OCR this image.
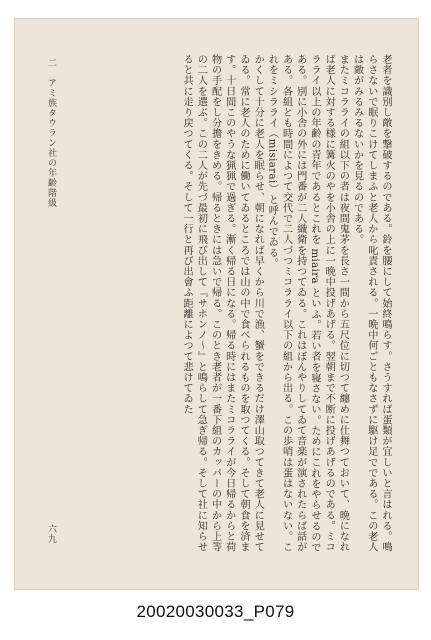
老者を識別し敵を撃破するのである。鈴を腰にして始終鳴らす。さうすれば蛋類が宜しいと言はれる。鳴らさないで眠りこけてしまふと老人から叱責される。一晩中何ごともなさずに駆け足でである。この老人は敵がみるみるないかを見るのである。

またミコラライの組以下の者は夜間鬼茅を長さ一間から五尺位に切つて纏めに仕舞つておいて、晩になれば老人に対する様に篝火のやを小舎の上に一晩中投げあげる。翌朝まで不断に投げあげるのである。ミコラライ以上の年齢の青年であるとこれを miaira といふ。若い者を寝さない。ためにこれをやらせるのである。別に小舎の外には門番が二人織衛を持つてゐる。これはぼんやりしてゐて音楽が演されたらば話がある。各組とも時間によつて交代で二人づつミコラライ以下の組から出る。この歩哨は蛋はないない。これをミシラライ（misiarai）と呼んでゐる。

かくして十分に老人を眠らせ、朝になれば早くから川で漁、蟹をできるだけ澤山取つてきて老人に見せてゐる。常に老人のために働いてゐるところでは山の中で食べられるものを取つてくる。そして朝食を済ます。十日間このやうな猟猟で過ぎる。漸く帰る日になる。帰る時にはまたミコラライが今日帰るからと荷物の手配をし分擔をきめる。帰るときには急いで帰る。このとき老者が一番下組のカッパーの中から上等の二人を選ぶ。この二人が先づ最初に飛び出して『サホンノ～』と鳴らして急ぎ帰る。そして社に知らせると共に走り戻つてくる。そして一行と再び出會ふ距離によつて悲けてゐた

二　アミ族タウラン社の年齢階級
六九
20020030033_P079
